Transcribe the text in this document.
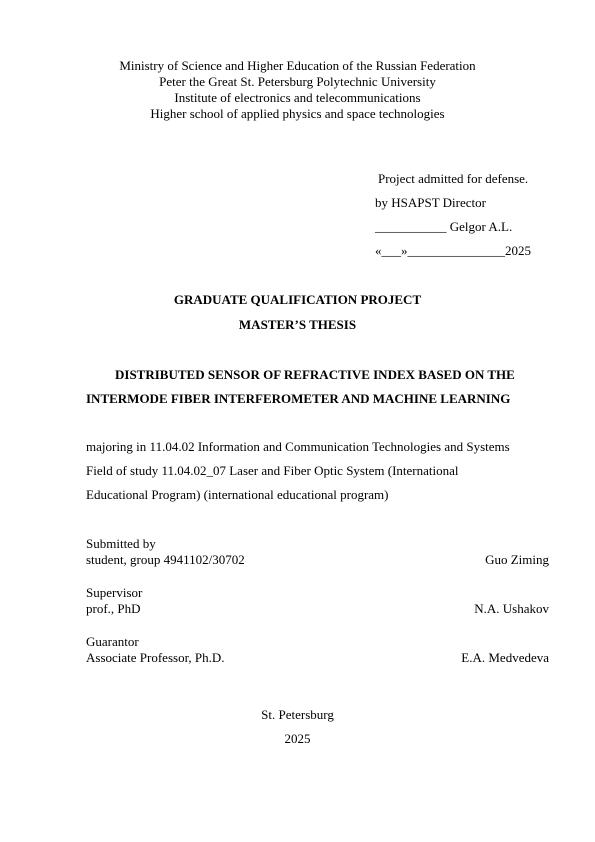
Ministry of Science and Higher Education of the Russian Federation
Peter the Great St. Petersburg Polytechnic University
Institute of electronics and telecommunications
Higher school of applied physics and space technologies
Project admitted for defense.
by HSAPST Director
___________ Gelgor A.L.
«___»_______________2025
GRADUATE QUALIFICATION PROJECT
MASTER’S THESIS
DISTRIBUTED SENSOR OF REFRACTIVE INDEX BASED ON THE
INTERMODE FIBER INTERFEROMETER AND MACHINE LEARNING
majoring in 11.04.02 Information and Communication Technologies and Systems
Field of study 11.04.02_07 Laser and Fiber Optic System (International
Educational Program) (international educational program)
Submitted by
student, group 4941102/30702	Guo Ziming
Supervisor
prof., PhD	N.A. Ushakov
Guarantor
Associate Professor, Ph.D.	E.A. Medvedeva
St. Petersburg
2025
